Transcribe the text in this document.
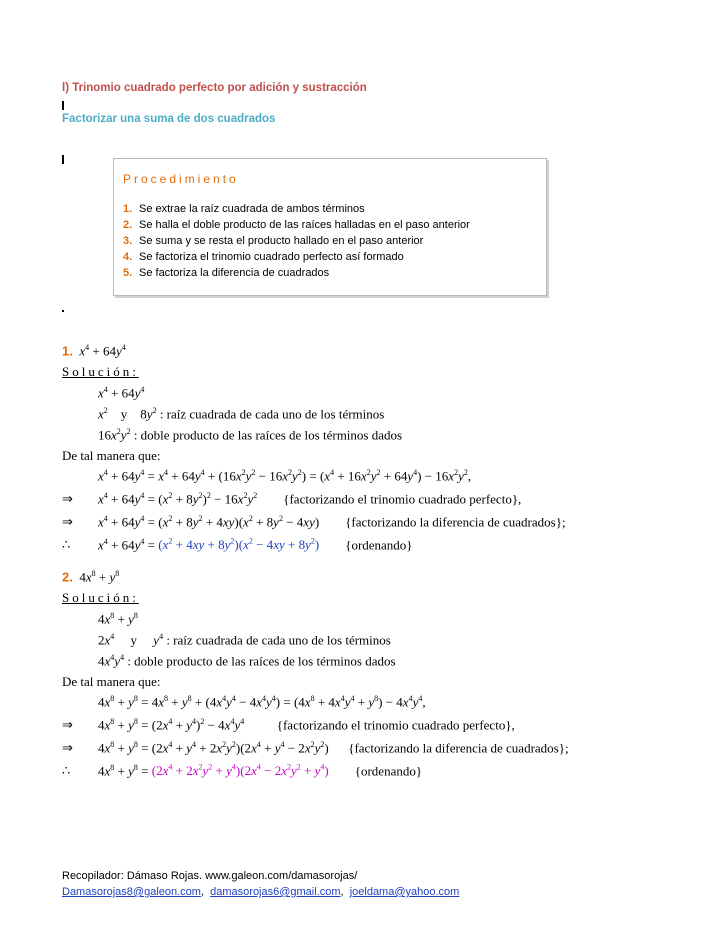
l) Trinomio cuadrado perfecto por adición y sustracción
Factorizar una suma de dos cuadrados
Procedimiento
1. Se extrae la raíz cuadrada de ambos términos
2. Se halla el doble producto de las raíces halladas en el paso anterior
3. Se suma y se resta el producto hallado en el paso anterior
4. Se factoriza el trinomio cuadrado perfecto así formado
5. Se factoriza la diferencia de cuadrados
1. $x^4 + 64y^4$
Solución:
$x^4 + 64y^4$
$x^2$    y    $8y^2$ : raíz cuadrada de cada uno de los términos
$16x^2y^2$ : doble producto de las raíces de los términos dados
De tal manera que:
$x^4 + 64y^4 = x^4 + 64y^4 + (16x^2y^2 - 16x^2y^2) = (x^4 + 16x^2y^2 + 64y^4) - 16x^2y^2$,
⇒ $x^4 + 64y^4 = (x^2 + 8y^2)^2 - 16x^2y^2$ {factorizando el trinomio cuadrado perfecto},
⇒ $x^4 + 64y^4 = (x^2 + 8y^2 + 4xy)(x^2 + 8y^2 - 4xy)$        {factorizando la diferencia de cuadrados};
∴ $x^4 + 64y^4 = (x^2 + 4xy + 8y^2)(x^2 - 4xy + 8y^2)$ {ordenando}
2.  $4x^8 + y^8$
Solución:
$4x^8 + y^8$
$2x^4$     y     $y^4$ : raíz cuadrada de cada uno de los términos
$4x^4y^4$ : doble producto de las raíces de los términos dados
De tal manera que:
$4x^8 + y^8 = 4x^8 + y^8 + (4x^4y^4 - 4x^4y^4) = (4x^8 + 4x^4y^4 + y^8) - 4x^4y^4$,
⇒ $4x^8 + y^8 = (2x^4 + y^4)^2 - 4x^4y^4$	{factorizando el trinomio cuadrado perfecto},
⇒ $4x^8 + y^8 = (2x^4 + y^4 + 2x^2y^2)(2x^4 + y^4 - 2x^2y^2)$      {factorizando la diferencia de cuadrados};
∴ $4x^8 + y^8 = (2x^4 + 2x^2y^2 + y^4)(2x^4 - 2x^2y^2 + y^4)$ {ordenando}
Recopilador: Dámaso Rojas. www.galeon.com/damasorojas/
Damasorojas8@galeon.com,  damasorojas6@gmail.com,  joeldama@yahoo.com
